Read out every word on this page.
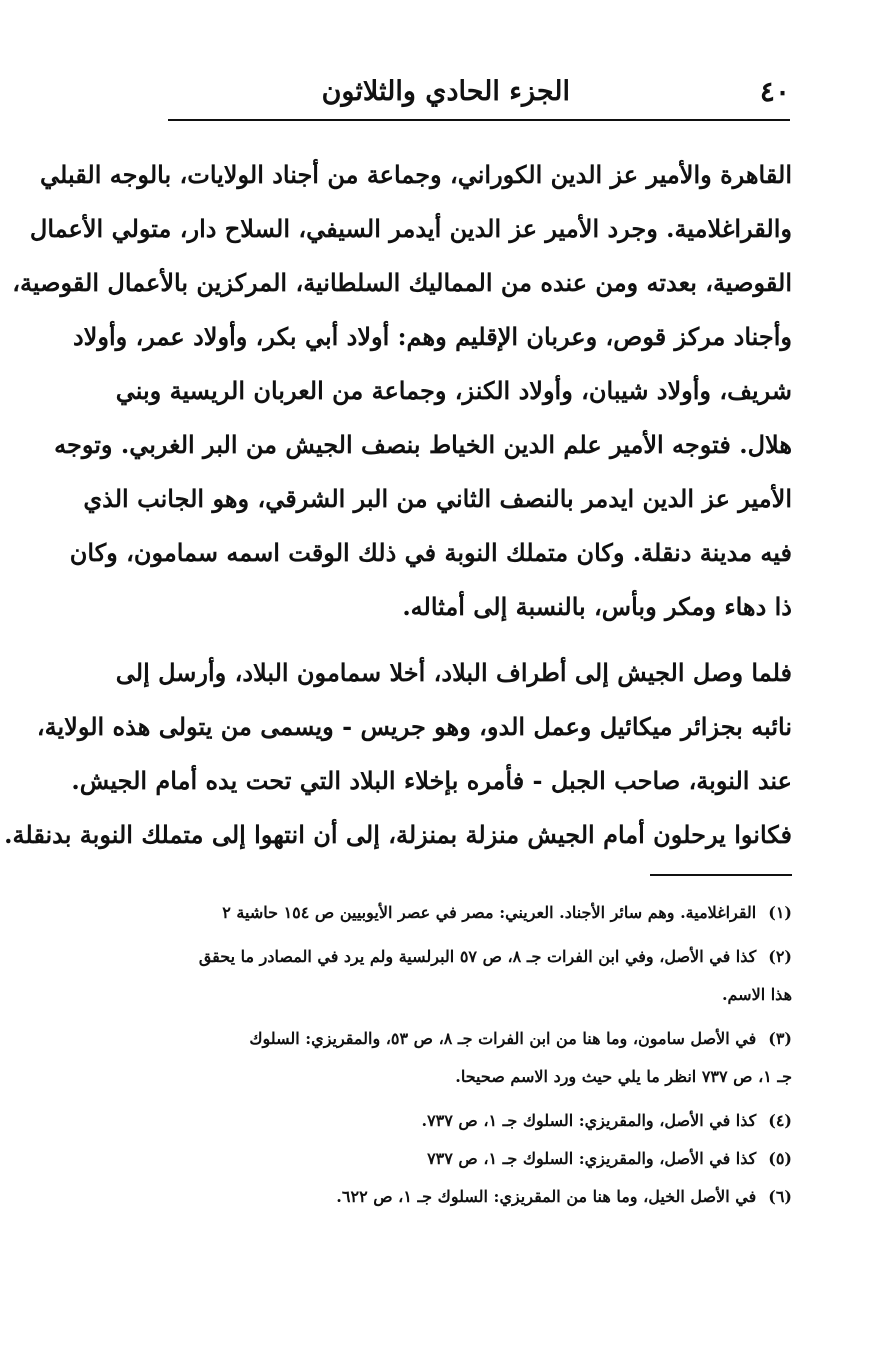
٤٠
الجزء الحادي والثلاثون
القاهرة والأمير عز الدين الكوراني، وجماعة من أجناد الولايات، بالوجه القبلي
والقراغلامية. وجرد الأمير عز الدين أيدمر السيفي، السلاح دار، متولي الأعمال
القوصية، بعدته ومن عنده من المماليك السلطانية، المركزين بالأعمال القوصية،
وأجناد مركز قوص، وعربان الإقليم وهم: أولاد أبي بكر، وأولاد عمر، وأولاد
شريف، وأولاد شيبان، وأولاد الكنز، وجماعة من العربان الريسية وبني
هلال. فتوجه الأمير علم الدين الخياط بنصف الجيش من البر الغربي. وتوجه
الأمير عز الدين ايدمر بالنصف الثاني من البر الشرقي، وهو الجانب الذي
فيه مدينة دنقلة. وكان متملك النوبة في ذلك الوقت اسمه سمامون، وكان
ذا دهاء ومكر وبأس، بالنسبة إلى أمثاله.
فلما وصل الجيش إلى أطراف البلاد، أخلا سمامون البلاد، وأرسل إلى
نائبه بجزائر ميكائيل وعمل الدو، وهو جريس - ويسمى من يتولى هذه الولاية،
عند النوبة، صاحب الجبل - فأمره بإخلاء البلاد التي تحت يده أمام الجيش.
فكانوا يرحلون أمام الجيش منزلة بمنزلة، إلى أن انتهوا إلى متملك النوبة بدنقلة.
(١)القراغلامية. وهم سائر الأجناد. العريني: مصر في عصر الأيوبيين ص ١٥٤ حاشية ٢
(٢)كذا في الأصل، وفي ابن الفرات جـ ٨، ص ٥٧ البرلسية ولم يرد في المصادر ما يحقق
هذا الاسم.
(٣)في الأصل سامون، وما هنا من ابن الفرات جـ ٨، ص ٥٣، والمقريزي: السلوك
جـ ١، ص ٧٣٧ انظر ما يلي حيث ورد الاسم صحيحا.
(٤)كذا في الأصل، والمقريزي: السلوك جـ ١، ص ٧٣٧.
(٥)كذا في الأصل، والمقريزي: السلوك جـ ١، ص ٧٣٧
(٦)في الأصل الخيل، وما هنا من المقريزي: السلوك جـ ١، ص ٦٢٢.
